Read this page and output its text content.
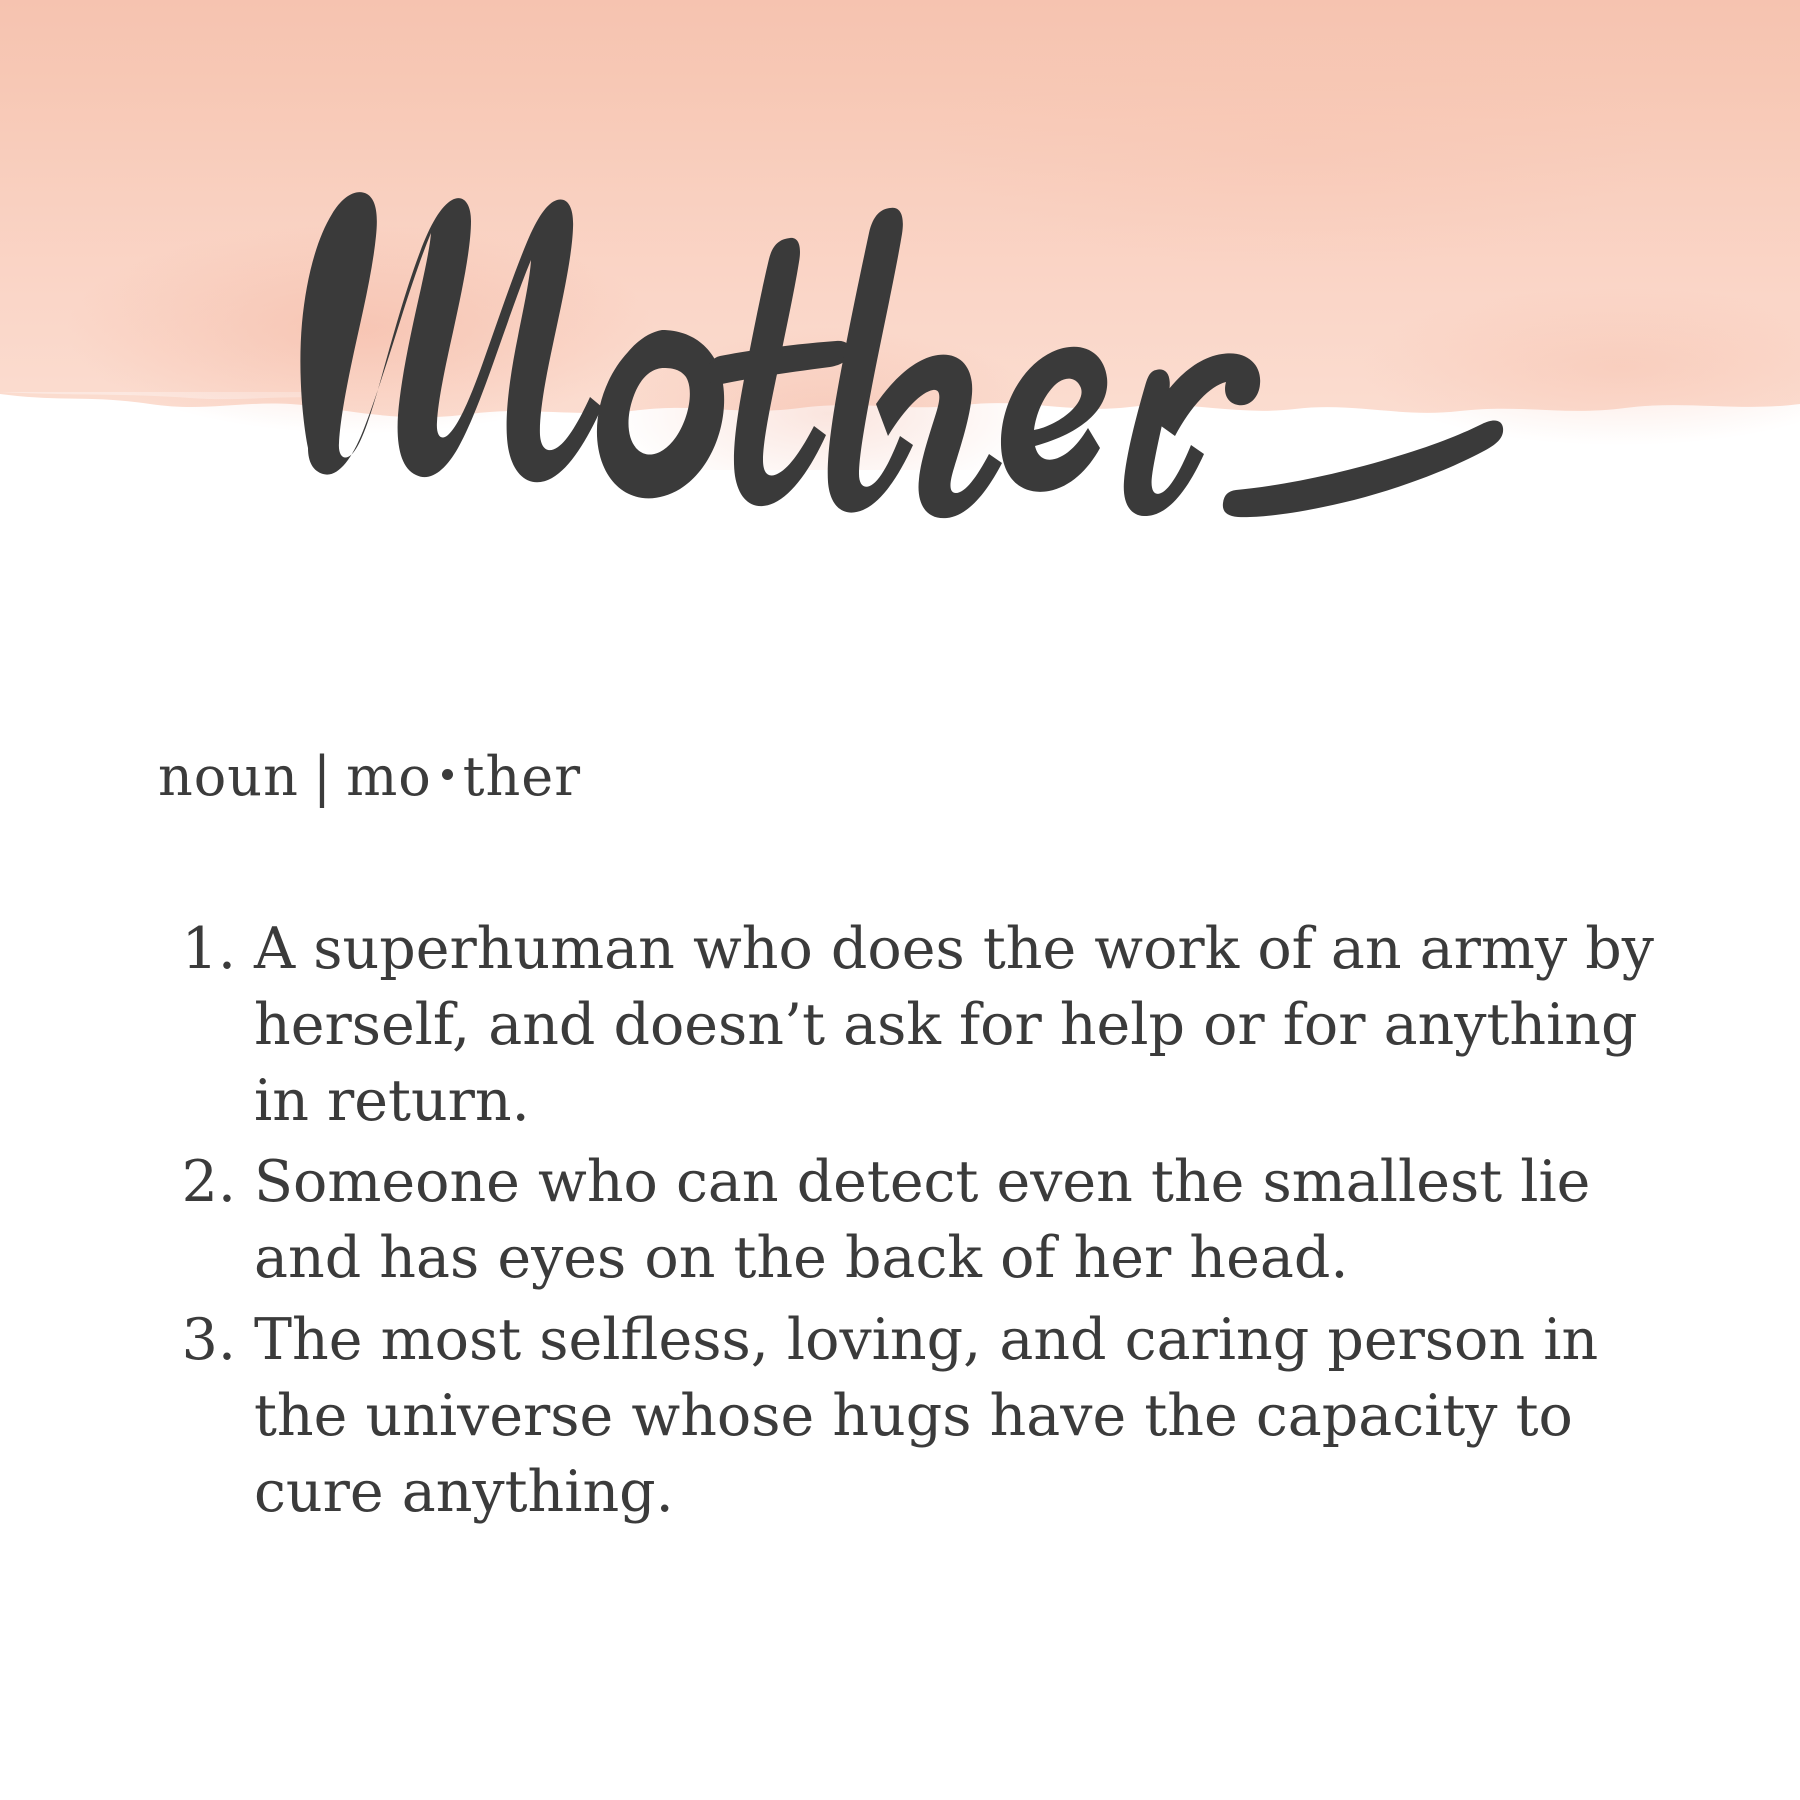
noun | mo ther
1. A superhuman who does the work of an army by herself, and doesn’t ask for help or for anything in return.
2. Someone who can detect even the smallest lie and has eyes on the back of her head.
3. The most selfless, loving, and caring person in the universe whose hugs have the capacity to cure anything.
